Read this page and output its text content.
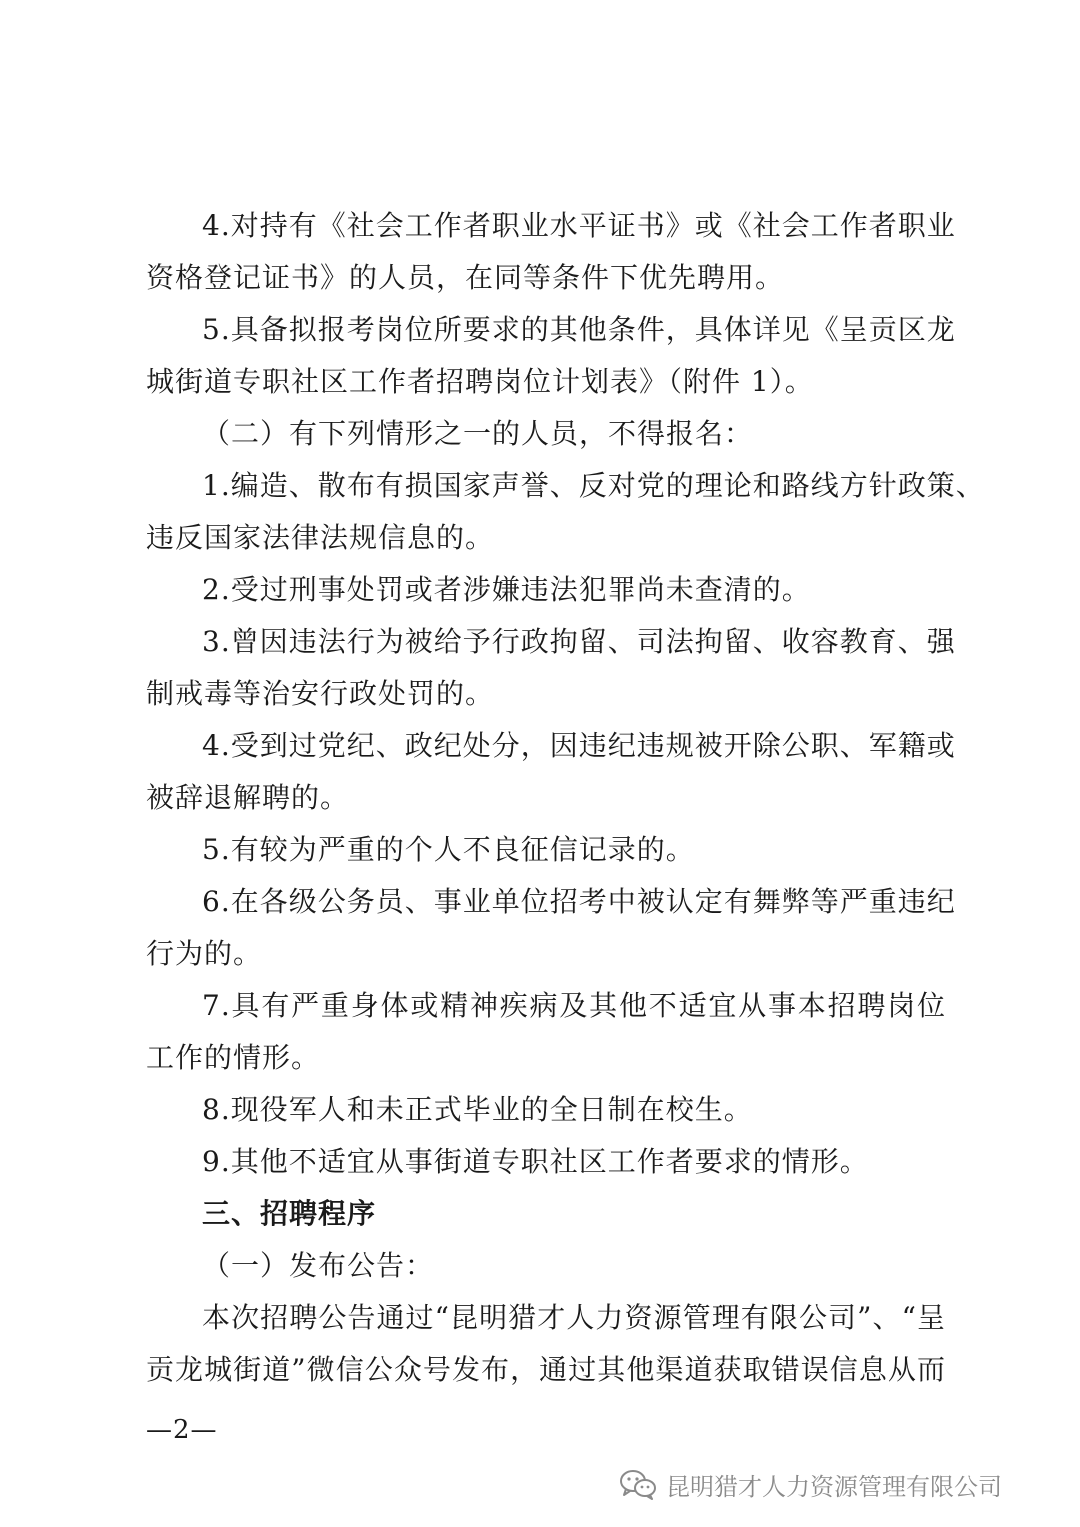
4.对持有《社会工作者职业水平证书》或《社会工作者职业
资格登记证书》的人员，在同等条件下优先聘用。
5.具备拟报考岗位所要求的其他条件，具体详见《呈贡区龙
城街道专职社区工作者招聘岗位计划表》（附件 1）。
（二）有下列情形之一的人员，不得报名：
1.编造、散布有损国家声誉、反对党的理论和路线方针政策、
违反国家法律法规信息的。
2.受过刑事处罚或者涉嫌违法犯罪尚未查清的。
3.曾因违法行为被给予行政拘留、司法拘留、收容教育、强
制戒毒等治安行政处罚的。
4.受到过党纪、政纪处分，因违纪违规被开除公职、军籍或
被辞退解聘的。
5.有较为严重的个人不良征信记录的。
6.在各级公务员、事业单位招考中被认定有舞弊等严重违纪
行为的。
7.具有严重身体或精神疾病及其他不适宜从事本招聘岗位
工作的情形。
8.现役军人和未正式毕业的全日制在校生。
9.其他不适宜从事街道专职社区工作者要求的情形。
三、招聘程序
（一）发布公告：
本次招聘公告通过“昆明猎才人力资源管理有限公司”、“呈
贡龙城街道”微信公众号发布，通过其他渠道获取错误信息从而
—2—
昆明猎才人力资源管理有限公司
